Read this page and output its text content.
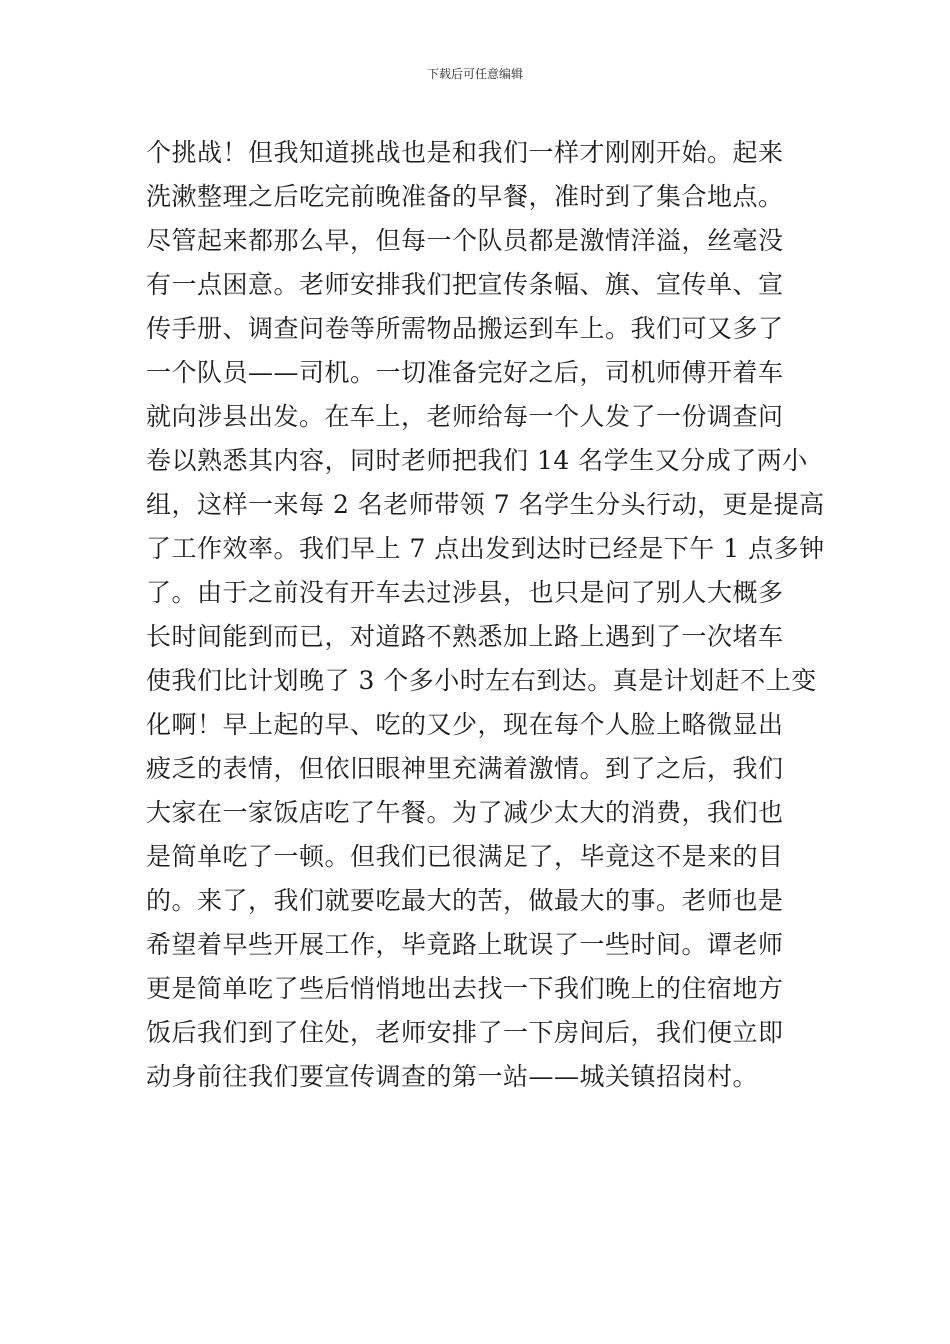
下载后可任意编辑
个挑战！但我知道挑战也是和我们一样才刚刚开始。起来
洗漱整理之后吃完前晚准备的早餐，准时到了集合地点。
尽管起来都那么早，但每一个队员都是激情洋溢，丝毫没
有一点困意。老师安排我们把宣传条幅、旗、宣传单、宣
传手册、调查问卷等所需物品搬运到车上。我们可又多了
一个队员——司机。一切准备完好之后，司机师傅开着车
就向涉县出发。在车上，老师给每一个人发了一份调查问
卷以熟悉其内容，同时老师把我们 14 名学生又分成了两小
组，这样一来每 2 名老师带领 7 名学生分头行动，更是提高
了工作效率。我们早上 7 点出发到达时已经是下午 1 点多钟
了。由于之前没有开车去过涉县，也只是问了别人大概多
长时间能到而已，对道路不熟悉加上路上遇到了一次堵车
使我们比计划晚了 3 个多小时左右到达。真是计划赶不上变
化啊！早上起的早、吃的又少，现在每个人脸上略微显出
疲乏的表情，但依旧眼神里充满着激情。到了之后，我们
大家在一家饭店吃了午餐。为了减少太大的消费，我们也
是简单吃了一顿。但我们已很满足了，毕竟这不是来的目
的。来了，我们就要吃最大的苦，做最大的事。老师也是
希望着早些开展工作，毕竟路上耽误了一些时间。谭老师
更是简单吃了些后悄悄地出去找一下我们晚上的住宿地方
饭后我们到了住处，老师安排了一下房间后，我们便立即
动身前往我们要宣传调查的第一站——城关镇招岗村。
